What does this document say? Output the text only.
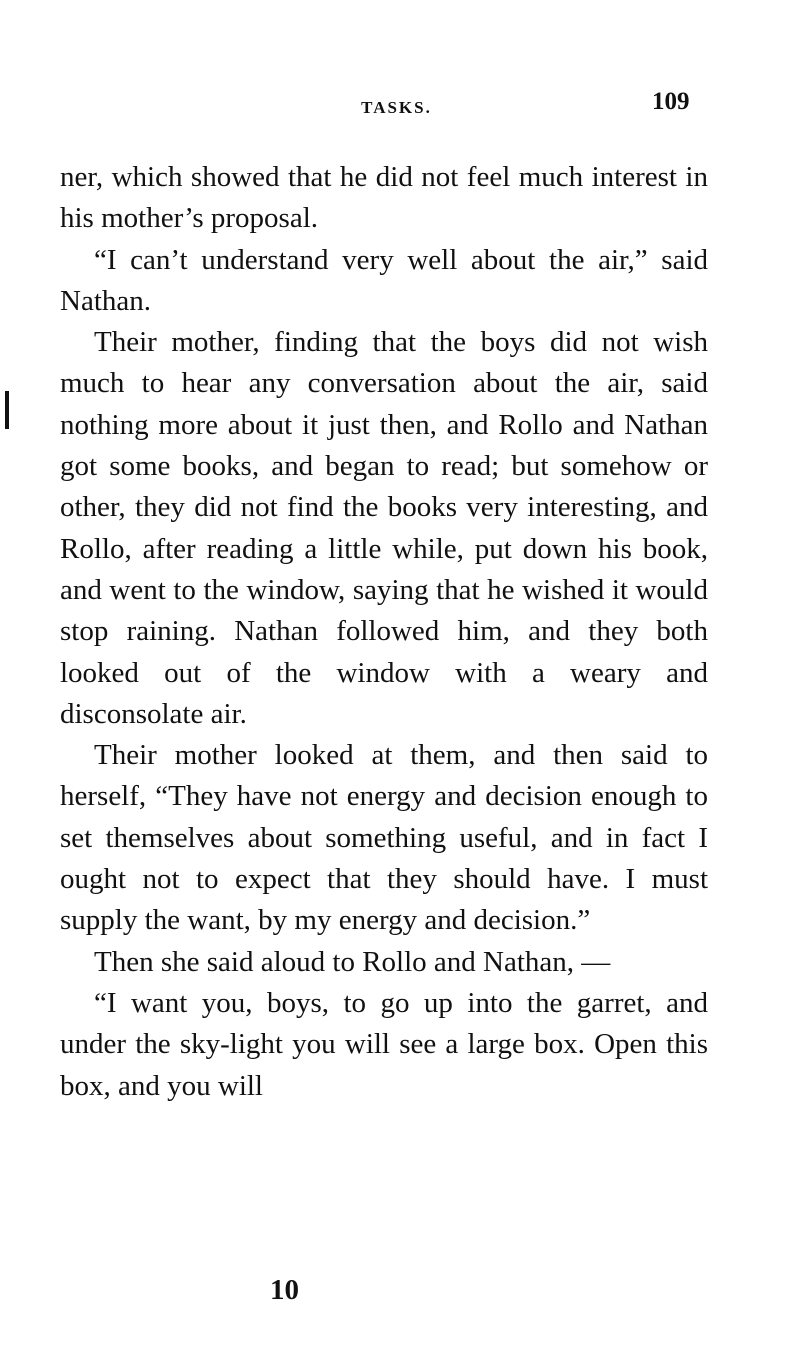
TASKS.	109

ner, which showed that he did not feel much interest in his mother’s proposal.

“I can’t understand very well about the air,” said Nathan.

Their mother, finding that the boys did not wish much to hear any conversation about the air, said nothing more about it just then, and Rollo and Nathan got some books, and began to read; but somehow or other, they did not find the books very interesting, and Rollo, after reading a little while, put down his book, and went to the window, saying that he wished it would stop raining. Nathan followed him, and they both looked out of the window with a weary and disconsolate air.

Their mother looked at them, and then said to herself, “They have not energy and decision enough to set themselves about something useful, and in fact I ought not to expect that they should have. I must supply the want, by my energy and decision.”

Then she said aloud to Rollo and Nathan, —

“I want you, boys, to go up into the garret, and under the sky-light you will see a large box. Open this box, and you will

10
